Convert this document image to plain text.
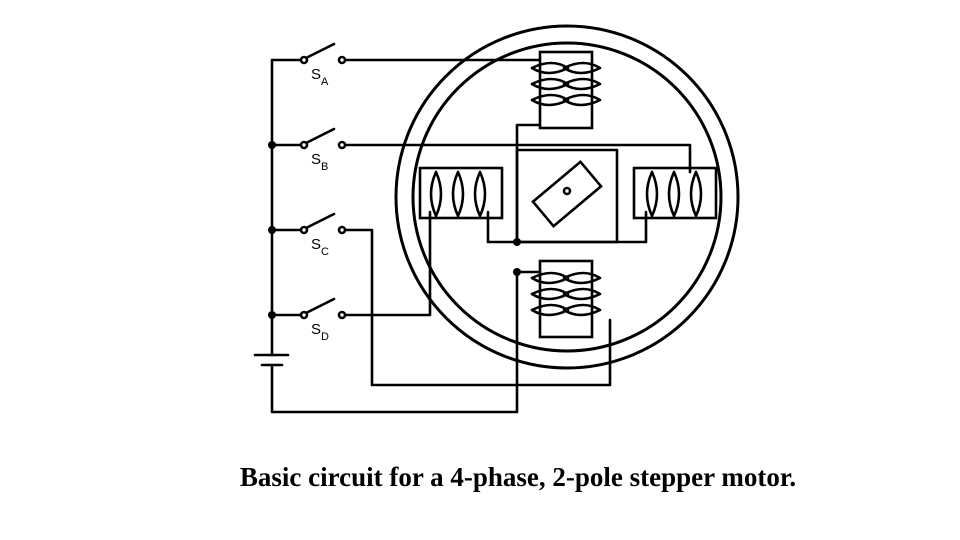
$S_A$
$S_B$
$S_C$
$S_D$
Basic circuit for a 4-phase, 2-pole stepper motor.
